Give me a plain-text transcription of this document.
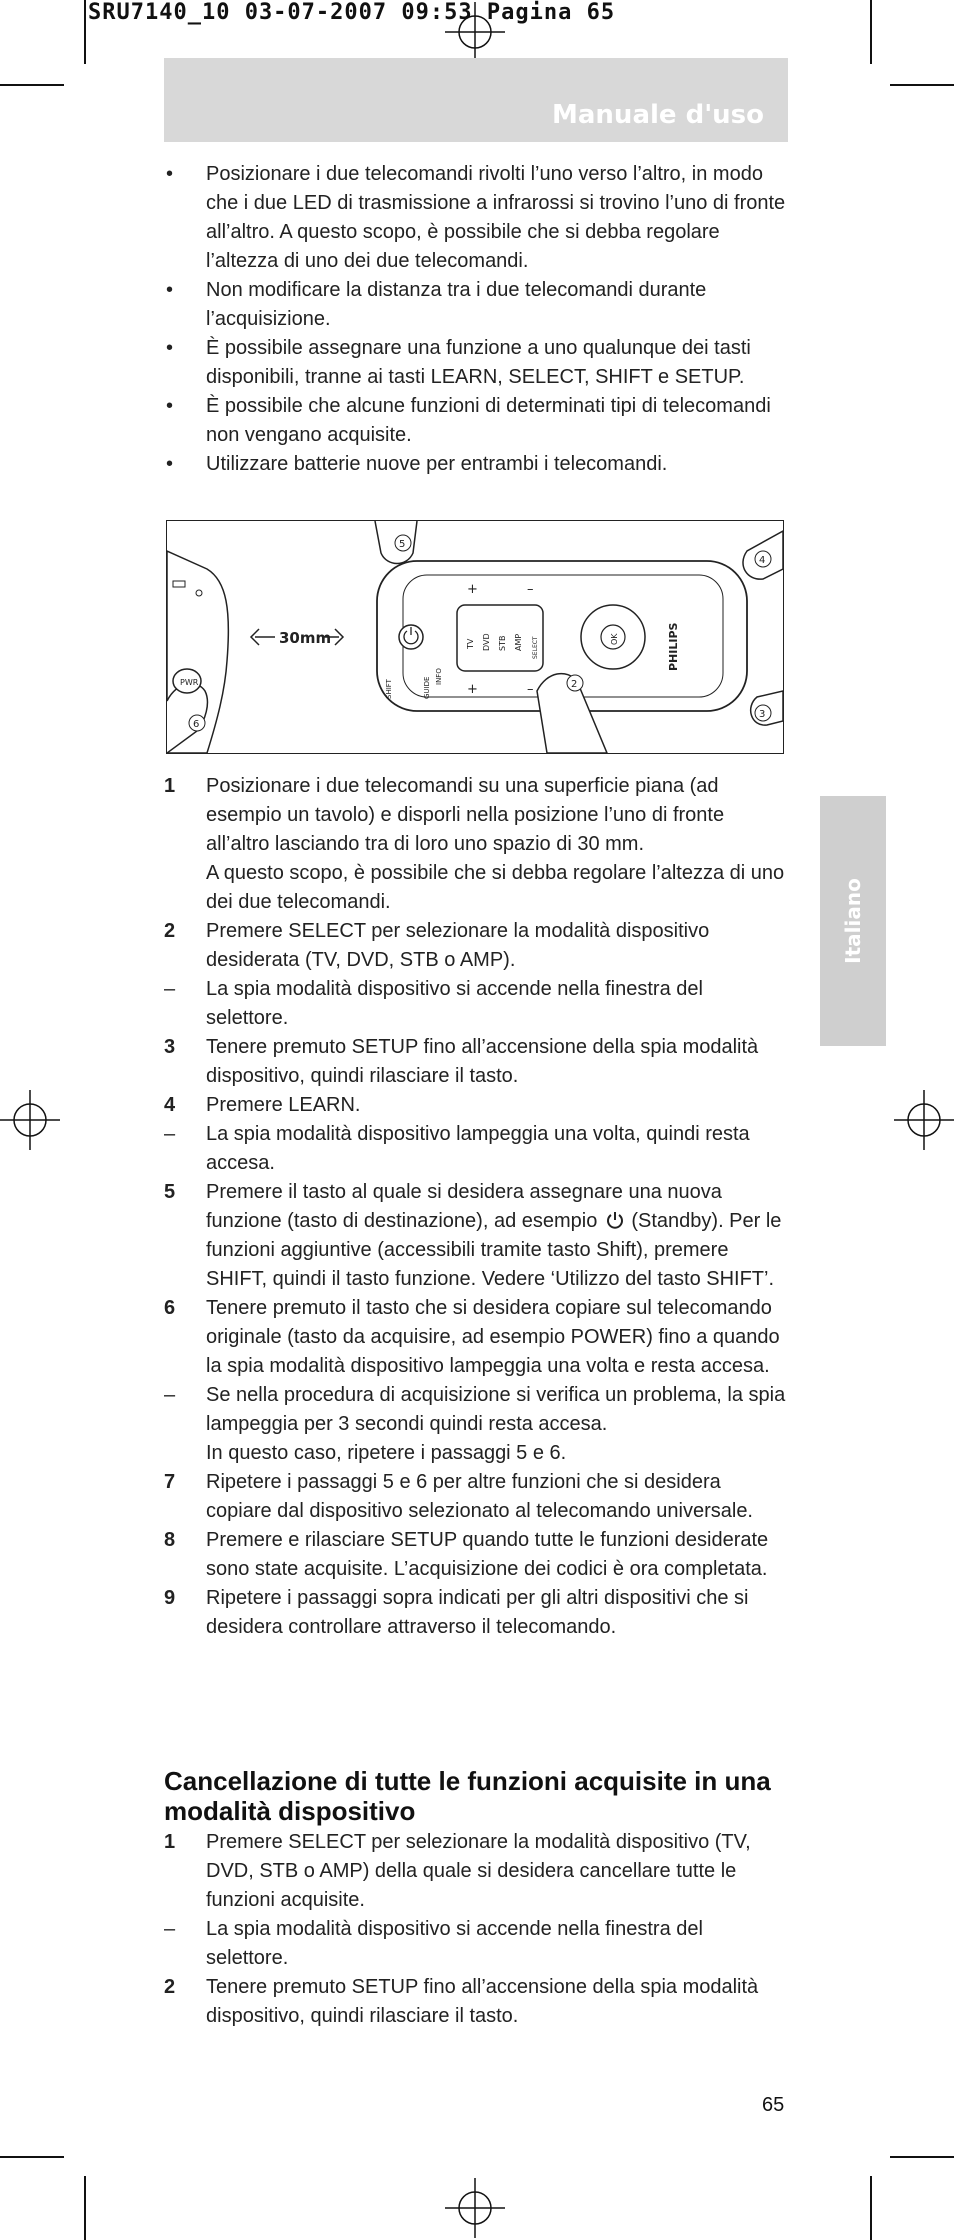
SRU7140_10 03-07-2007 09:53 Pagina 65
Manuale d'uso
Italiano
• Posizionare i due telecomandi rivolti l’uno verso l’altro, in modo che i due LED di trasmissione a infrarossi si trovino l’uno di fronte all’altro. A questo scopo, è possibile che si debba regolare l’altezza di uno dei due telecomandi.
• Non modificare la distanza tra i due telecomandi durante l’acquisizione.
• È possibile assegnare una funzione a uno qualunque dei tasti disponibili, tranne ai tasti LEARN, SELECT, SHIFT e SETUP.
• È possibile che alcune funzioni di determinati tipi di telecomandi non vengano acquisite.
• Utilizzare batterie nuove per entrambi i telecomandi.
PWR
30mm
SHIFT	GUIDE INFO
TV DVD STB AMP SELECT
+	–
+	–
OK	PHILIPS
5
4
2
3
6
1 Posizionare i due telecomandi su una superficie piana (ad esempio un tavolo) e disporli nella posizione l’uno di fronte all’altro lasciando tra di loro uno spazio di 30 mm.
A questo scopo, è possibile che si debba regolare l’altezza di uno dei due telecomandi.
2 Premere SELECT per selezionare la modalità dispositivo desiderata (TV, DVD, STB o AMP).
– La spia modalità dispositivo si accende nella finestra del selettore.
3 Tenere premuto SETUP fino all’accensione della spia modalità dispositivo, quindi rilasciare il tasto.
4 Premere LEARN.
– La spia modalità dispositivo lampeggia una volta, quindi resta accesa.
5 Premere il tasto al quale si desidera assegnare una nuova funzione (tasto di destinazione), ad esempio (Standby). Per le funzioni aggiuntive (accessibili tramite tasto Shift), premere SHIFT, quindi il tasto funzione. Vedere ‘Utilizzo del tasto SHIFT’.
6 Tenere premuto il tasto che si desidera copiare sul telecomando originale (tasto da acquisire, ad esempio POWER) fino a quando la spia modalità dispositivo lampeggia una volta e resta accesa.
– Se nella procedura di acquisizione si verifica un problema, la spia lampeggia per 3 secondi quindi resta accesa.
In questo caso, ripetere i passaggi 5 e 6.
7 Ripetere i passaggi 5 e 6 per altre funzioni che si desidera copiare dal dispositivo selezionato al telecomando universale.
8 Premere e rilasciare SETUP quando tutte le funzioni desiderate sono state acquisite. L’acquisizione dei codici è ora completata.
9 Ripetere i passaggi sopra indicati per gli altri dispositivi che si desidera controllare attraverso il telecomando.
Cancellazione di tutte le funzioni acquisite in una modalità dispositivo
1 Premere SELECT per selezionare la modalità dispositivo (TV, DVD, STB o AMP) della quale si desidera cancellare tutte le funzioni acquisite.
– La spia modalità dispositivo si accende nella finestra del selettore.
2 Tenere premuto SETUP fino all’accensione della spia modalità dispositivo, quindi rilasciare il tasto.
65
